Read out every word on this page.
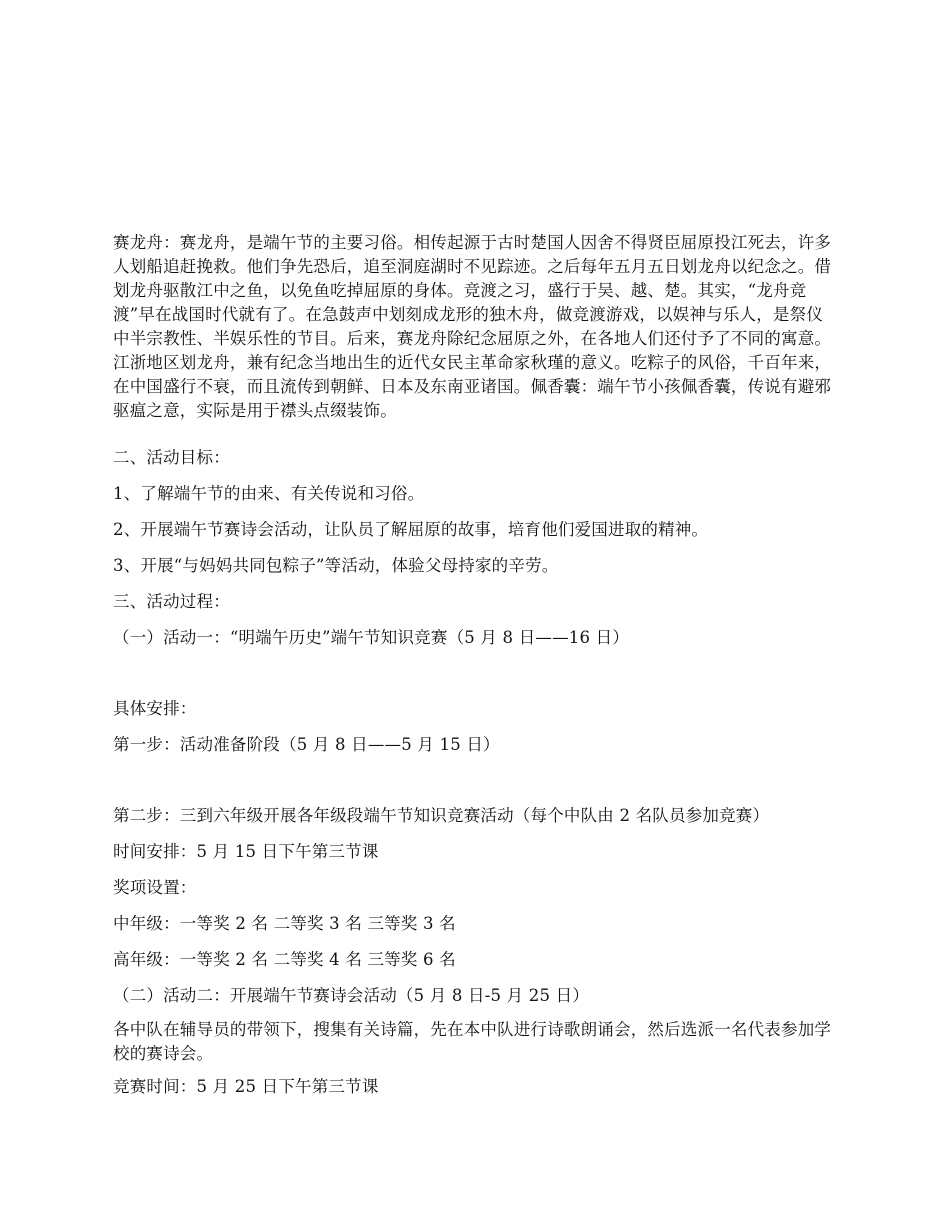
赛龙舟：赛龙舟，是端午节的主要习俗。相传起源于古时楚国人因舍不得贤臣屈原投江死去，许多人划船追赶挽救。他们争先恐后，追至洞庭湖时不见踪迹。之后每年五月五日划龙舟以纪念之。借划龙舟驱散江中之鱼，以免鱼吃掉屈原的身体。竞渡之习，盛行于吴、越、楚。其实，“龙舟竞渡”早在战国时代就有了。在急鼓声中划刻成龙形的独木舟，做竞渡游戏，以娱神与乐人，是祭仪中半宗教性、半娱乐性的节目。后来，赛龙舟除纪念屈原之外，在各地人们还付予了不同的寓意。江浙地区划龙舟，兼有纪念当地出生的近代女民主革命家秋瑾的意义。吃粽子的风俗，千百年来，在中国盛行不衰，而且流传到朝鲜、日本及东南亚诸国。佩香囊：端午节小孩佩香囊，传说有避邪驱瘟之意，实际是用于襟头点缀装饰。

二、活动目标：

1、了解端午节的由来、有关传说和习俗。

2、开展端午节赛诗会活动，让队员了解屈原的故事，培育他们爱国进取的精神。

3、开展“与妈妈共同包粽子”等活动，体验父母持家的辛劳。

三、活动过程：

（一）活动一：“明端午历史”端午节知识竞赛（5 月 8 日——16 日）

具体安排：

第一步：活动准备阶段（5 月 8 日——5 月 15 日）

第二步：三到六年级开展各年级段端午节知识竞赛活动（每个中队由 2 名队员参加竞赛）

时间安排：5 月 15 日下午第三节课

奖项设置：

中年级：一等奖 2 名 二等奖 3 名 三等奖 3 名

高年级：一等奖 2 名 二等奖 4 名 三等奖 6 名

（二）活动二：开展端午节赛诗会活动（5 月 8 日-5 月 25 日）

各中队在辅导员的带领下，搜集有关诗篇，先在本中队进行诗歌朗诵会，然后选派一名代表参加学校的赛诗会。

竞赛时间：5 月 25 日下午第三节课
